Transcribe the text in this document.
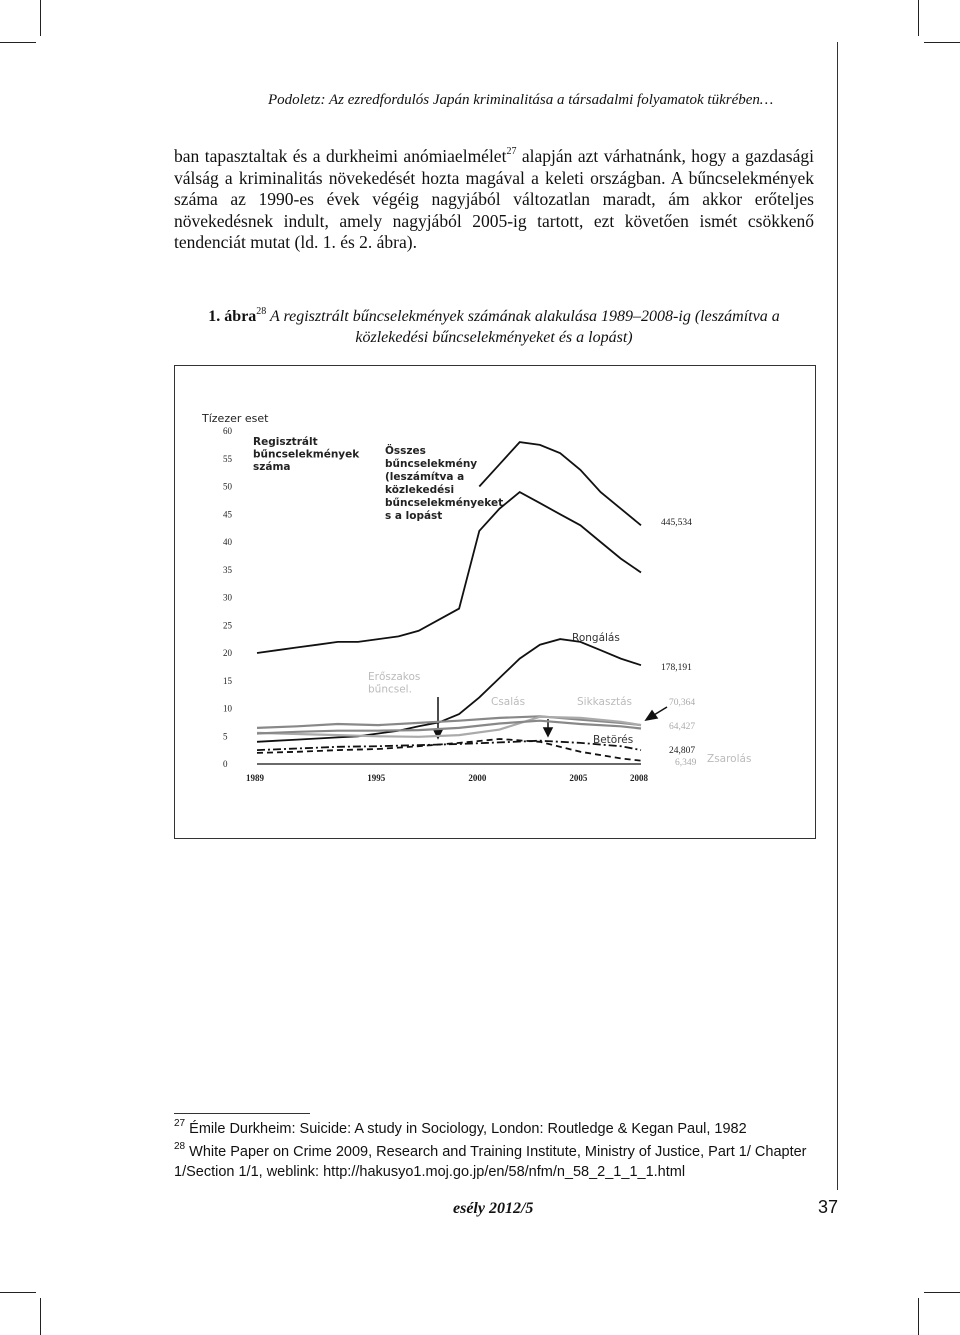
Podoletz: Az ezredfordulós Japán kriminalitása a társadalmi folyamatok tükrében…

ban tapasztaltak és a durkheimi anómiaelmélet$^{27}$ alapján azt várhatnánk, hogy a gazdasági válság a kriminalitás növekedését hozta magával a keleti országban. A bűncselekmények száma az 1990-es évek végéig nagyjából változatlan maradt, ám akkor erőteljes növekedésnek indult, amely nagyjából 2005-ig tartott, ezt követően ismét csökkenő tendenciát mutat (ld. 1. és 2. ábra).

1. ábra$^{28}$ A regisztrált bűncselekmények számának alakulása 1989–2008-ig (leszámítva a közlekedési bűncselekményeket és a lopást)
Tízezer eset
Regisztrált bűncselekmények száma
Összes bűncselekmény (leszámítva a közlekedési bűncselekményeket s a lopást
Rongálás
Erőszakos bűncsel.
Csalás	Sikkasztás
Betörés
Zsarolás
445,534
178,191
70,364
64,427
24,807
6,349
0
5
10
15
20
25
30
35
40
45
50
55
60
1989	1995	2000	2005	2008
$^{27}$ Émile Durkheim: Suicide: A study in Sociology, London: Routledge & Kegan Paul, 1982
$^{28}$ White Paper on Crime 2009, Research and Training Institute, Ministry of Justice, Part 1/ Chapter 1/Section 1/1, weblink: http://hakusyo1.moj.go.jp/en/58/nfm/n_58_2_1_1_1.html
esély 2012/5	37
